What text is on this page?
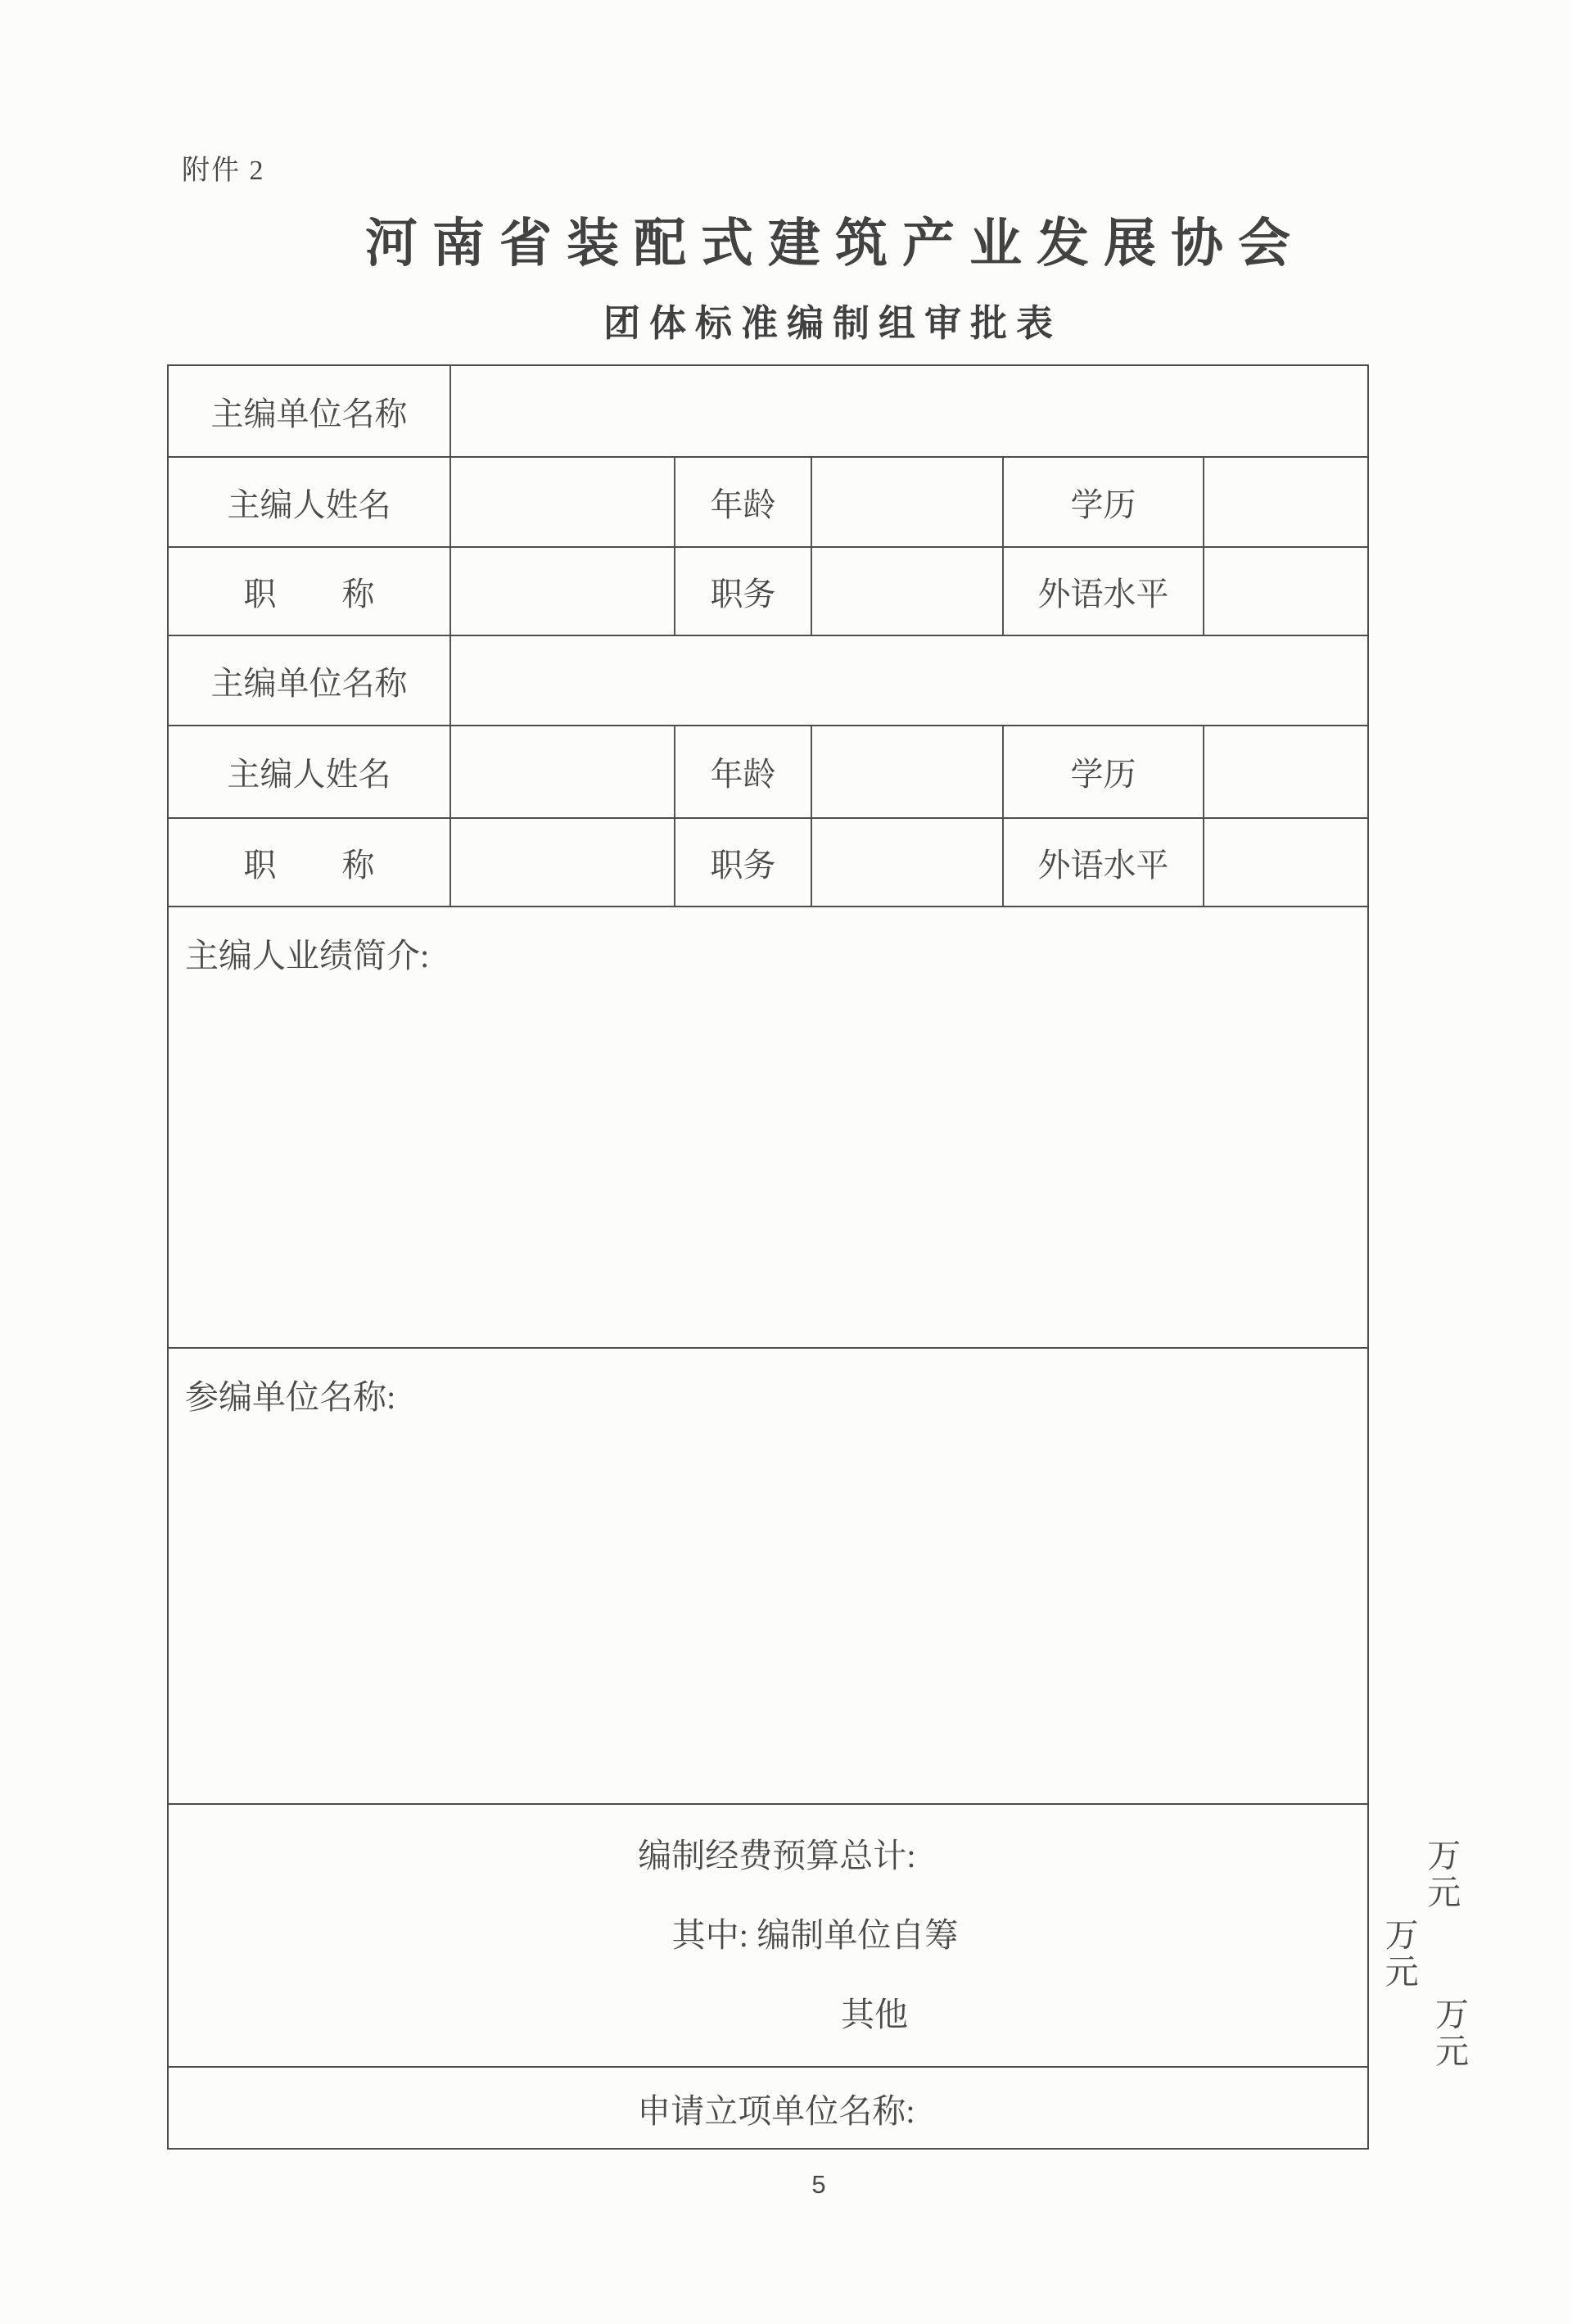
附件 2
河南省装配式建筑产业发展协会
团体标准编制组审批表
主编单位名称
主编人姓名	年龄	学历
职　　称	职务	外语水平
主编单位名称
主编人姓名	年龄	学历
职　　称	职务	外语水平
主编人业绩简介:
参编单位名称:
编制经费预算总计:	万元
其中: 编制单位自筹	万元
其他	万元
申请立项单位名称:
5
